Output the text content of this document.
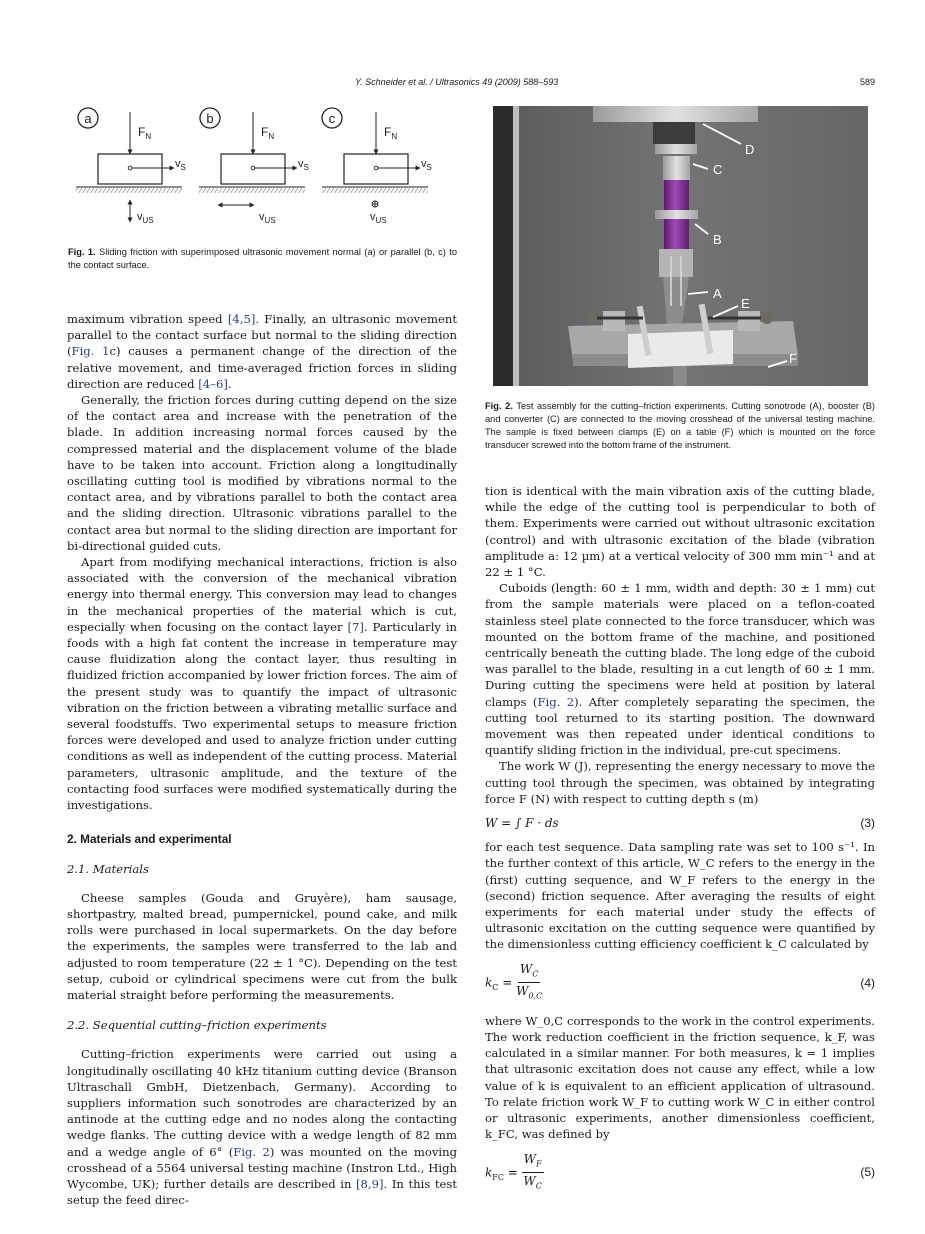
Y. Schneider et al. / Ultrasonics 49 (2009) 588–593	589
a
$F_N$
$v_S$
$v_{US}$
b
$F_N$
$v_S$
$v_{US}$
c
$F_N$
$v_S$
$v_{US}$
Fig. 1. Sliding friction with superimposed ultrasonic movement normal (a) or parallel (b, c) to the contact surface.
A
B
C
D
E
F
Fig. 2. Test assembly for the cutting–friction experiments. Cutting sonotrode (A), booster (B) and converter (C) are connected to the moving crosshead of the universal testing machine. The sample is fixed between clamps (E) on a table (F) which is mounted on the force transducer screwed into the bottom frame of the instrument.

maximum vibration speed [4,5]. Finally, an ultrasonic movement parallel to the contact surface but normal to the sliding direction (Fig. 1c) causes a permanent change of the direction of the relative movement, and time-averaged friction forces in sliding direction are reduced [4–6].

Generally, the friction forces during cutting depend on the size of the contact area and increase with the penetration of the blade. In addition increasing normal forces caused by the compressed material and the displacement volume of the blade have to be taken into account. Friction along a longitudinally oscillating cutting tool is modified by vibrations normal to the contact area, and by vibrations parallel to both the contact area and the sliding direction. Ultrasonic vibrations parallel to the contact area but normal to the sliding direction are important for bi-directional guided cuts.

Apart from modifying mechanical interactions, friction is also associated with the conversion of the mechanical vibration energy into thermal energy. This conversion may lead to changes in the mechanical properties of the material which is cut, especially when focusing on the contact layer [7]. Particularly in foods with a high fat content the increase in temperature may cause fluidization along the contact layer, thus resulting in fluidized friction accompanied by lower friction forces. The aim of the present study was to quantify the impact of ultrasonic vibration on the friction between a vibrating metallic surface and several foodstuffs. Two experimental setups to measure friction forces were developed and used to analyze friction under cutting conditions as well as independent of the cutting process. Material parameters, ultrasonic amplitude, and the texture of the contacting food surfaces were modified systematically during the investigations.

2. Materials and experimental
2.1. Materials

Cheese samples (Gouda and Gruyère), ham sausage, shortpastry, malted bread, pumpernickel, pound cake, and milk rolls were purchased in local supermarkets. On the day before the experiments, the samples were transferred to the lab and adjusted to room temperature (22 ± 1 °C). Depending on the test setup, cuboid or cylindrical specimens were cut from the bulk material straight before performing the measurements.

2.2. Sequential cutting–friction experiments

Cutting–friction experiments were carried out using a longitudinally oscillating 40 kHz titanium cutting device (Branson Ultraschall GmbH, Dietzenbach, Germany). According to suppliers information such sonotrodes are characterized by an antinode at the cutting edge and no nodes along the contacting wedge flanks. The cutting device with a wedge length of 82 mm and a wedge angle of 6° (Fig. 2) was mounted on the moving crosshead of a 5564 universal testing machine (Instron Ltd., High Wycombe, UK); further details are described in [8,9]. In this test setup the feed direc-

tion is identical with the main vibration axis of the cutting blade, while the edge of the cutting tool is perpendicular to both of them. Experiments were carried out without ultrasonic excitation (control) and with ultrasonic excitation of the blade (vibration amplitude a: 12 µm) at a vertical velocity of 300 mm min⁻¹ and at 22 ± 1 °C.

Cuboids (length: 60 ± 1 mm, width and depth: 30 ± 1 mm) cut from the sample materials were placed on a teflon-coated stainless steel plate connected to the force transducer, which was mounted on the bottom frame of the machine, and positioned centrically beneath the cutting blade. The long edge of the cuboid was parallel to the blade, resulting in a cut length of 60 ± 1 mm. During cutting the specimens were held at position by lateral clamps (Fig. 2). After completely separating the specimen, the cutting tool returned to its starting position. The downward movement was then repeated under identical conditions to quantify sliding friction in the individual, pre-cut specimens.

The work W (J), representing the energy necessary to move the cutting tool through the specimen, was obtained by integrating force F (N) with respect to cutting depth s (m)

W = ∫ F · ds	(3)

for each test sequence. Data sampling rate was set to 100 s⁻¹. In the further context of this article, W_C refers to the energy in the (first) cutting sequence, and W_F refers to the energy in the (second) friction sequence. After averaging the results of eight experiments for each material under study the effects of ultrasonic excitation on the cutting sequence were quantified by the dimensionless cutting efficiency coefficient k_C calculated by

$k_C = \frac{W_C}{W_{0,C}}$	(4)

where W_0,C corresponds to the work in the control experiments. The work reduction coefficient in the friction sequence, k_F, was calculated in a similar manner. For both measures, k = 1 implies that ultrasonic excitation does not cause any effect, while a low value of k is equivalent to an efficient application of ultrasound. To relate friction work W_F to cutting work W_C in either control or ultrasonic experiments, another dimensionless coefficient, k_FC, was defined by

$k_{FC} = \frac{W_F}{W_C}$	(5)
